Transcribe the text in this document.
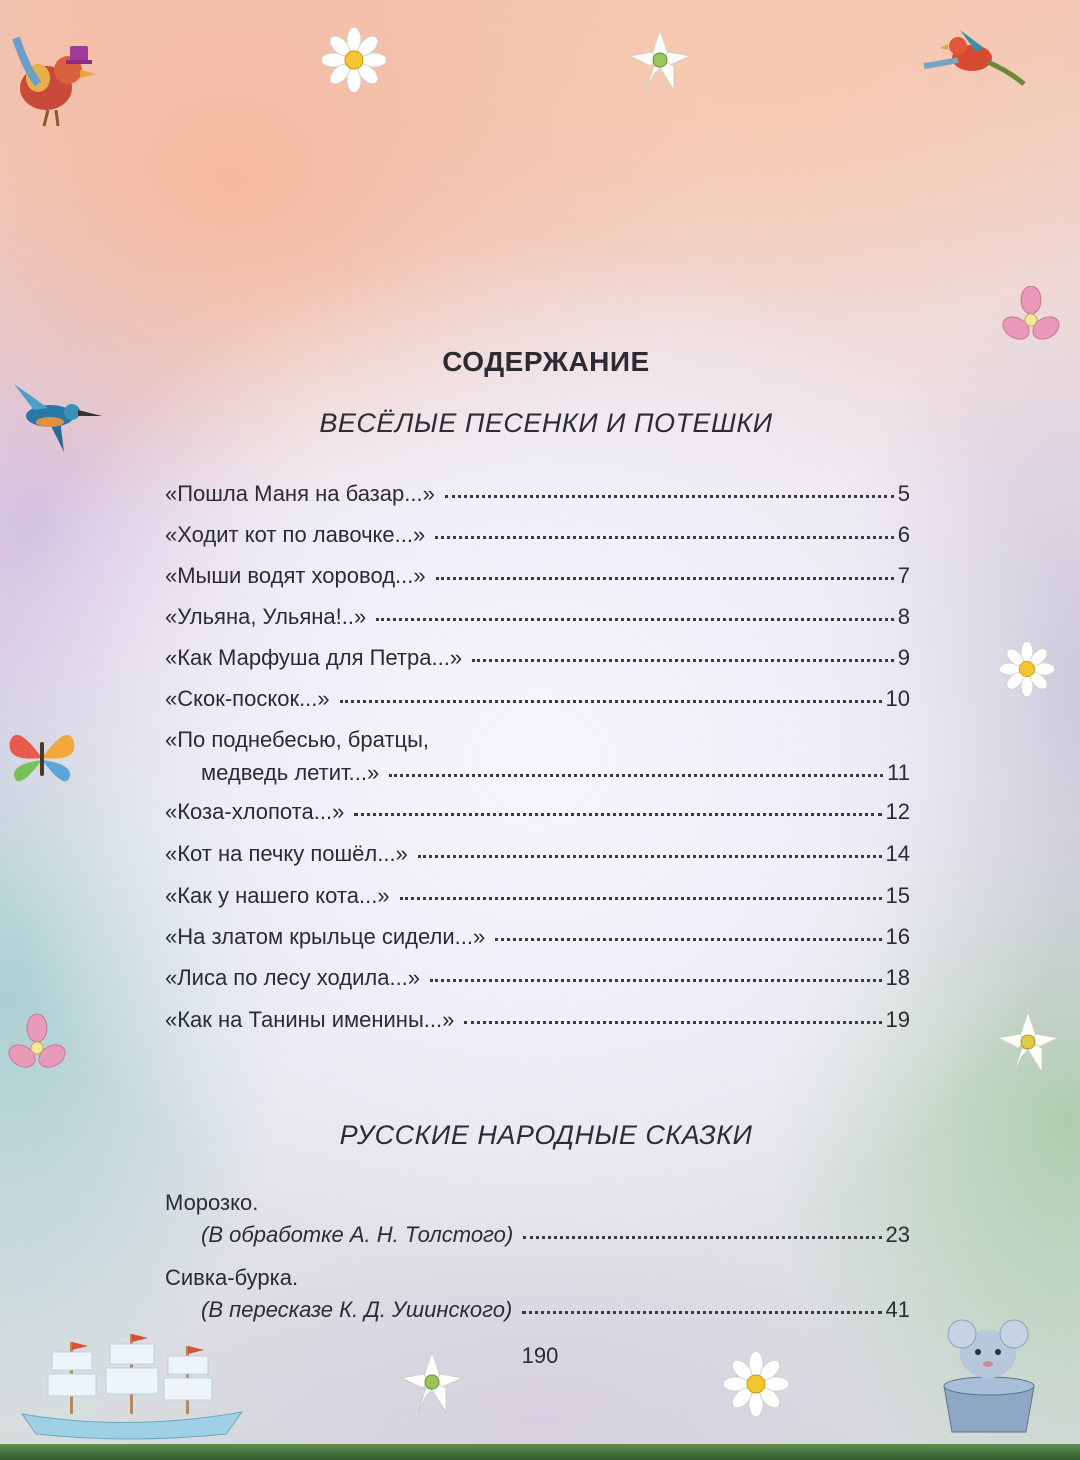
СОДЕРЖАНИЕ
ВЕСЁЛЫЕ ПЕСЕНКИ И ПОТЕШКИ
«Пошла Маня на базар...»	5
«Ходит кот по лавочке...»	6
«Мыши водят хоровод...»	7
«Ульяна, Ульяна!..»	8
«Как Марфуша для Петра...»	9
«Скок-поскок...»	10
«По поднебесью, братцы,
медведь летит...»	11
«Коза-хлопота...»	12
«Кот на печку пошёл...»	14
«Как у нашего кота...»	15
«На златом крыльце сидели...»	16
«Лиса по лесу ходила...»	18
«Как на Танины именины...»	19
РУССКИЕ НАРОДНЫЕ СКАЗКИ
Морозко.
(В обработке А. Н. Толстого)	23
Сивка-бурка.
(В пересказе К. Д. Ушинского)	41
190
